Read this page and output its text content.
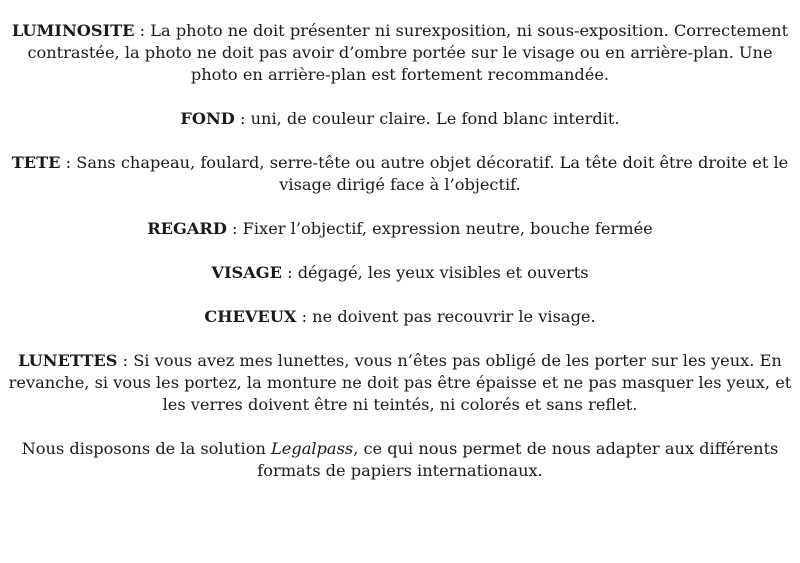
LUMINOSITE : La photo ne doit présenter ni surexposition, ni sous-exposition. Correctement contrastée, la photo ne doit pas avoir d’ombre portée sur le visage ou en arrière-plan. Une photo en arrière-plan est fortement recommandée.

FOND : uni, de couleur claire. Le fond blanc interdit.

TETE : Sans chapeau, foulard, serre-tête ou autre objet décoratif. La tête doit être droite et le visage dirigé face à l’objectif.

REGARD : Fixer l’objectif, expression neutre, bouche fermée

VISAGE : dégagé, les yeux visibles et ouverts

CHEVEUX : ne doivent pas recouvrir le visage.

LUNETTES : Si vous avez mes lunettes, vous n’êtes pas obligé de les porter sur les yeux. En revanche, si vous les portez, la monture ne doit pas être épaisse et ne pas masquer les yeux, et les verres doivent être ni teintés, ni colorés et sans reflet.

Nous disposons de la solution Legalpass, ce qui nous permet de nous adapter aux différents formats de papiers internationaux.
